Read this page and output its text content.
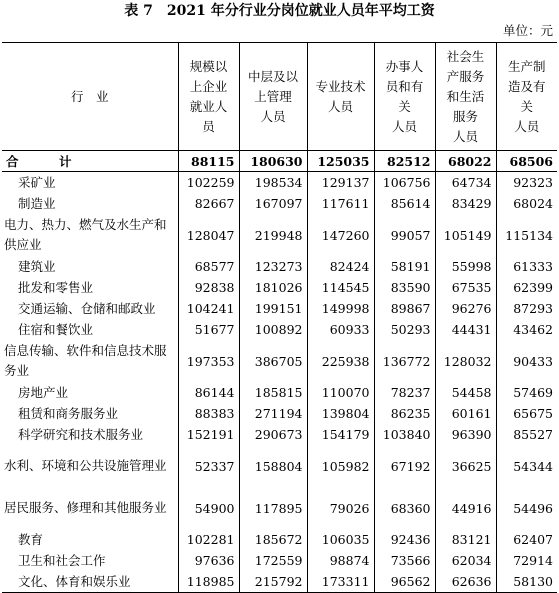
表 7　2021 年分行业分岗位就业人员年平均工资
单位：元
行　业	规模以
上企业
就业人
员	中层及以
上管理
人员	专业技术
人员	办事人
员和有
关
人员	社会生
产服务
和生活
服务
人员	生产制
造及有
关
人员
合　计	88115	180630	125035	82512	68022	68506
采矿业	102259	198534	129137	106756	64734	92323
制造业	82667	167097	117611	85614	83429	68024
电力、热力、燃气及水生产和供应业	128047	219948	147260	99057	105149	115134
建筑业	68577	123273	82424	58191	55998	61333
批发和零售业	92838	181026	114545	83590	67535	62399
交通运输、仓储和邮政业	104241	199151	149998	89867	96276	87293
住宿和餐饮业	51677	100892	60933	50293	44431	43462
信息传输、软件和信息技术服务业	197353	386705	225938	136772	128032	90433
房地产业	86144	185815	110070	78237	54458	57469
租赁和商务服务业	88383	271194	139804	86235	60161	65675
科学研究和技术服务业	152191	290673	154179	103840	96390	85527
水利、环境和公共设施管理业	52337	158804	105982	67192	36625	54344
居民服务、修理和其他服务业	54900	117895	79026	68360	44916	54496
教育	102281	185672	106035	92436	83121	62407
卫生和社会工作	97636	172559	98874	73566	62034	72914
文化、体育和娱乐业	118985	215792	173311	96562	62636	58130
